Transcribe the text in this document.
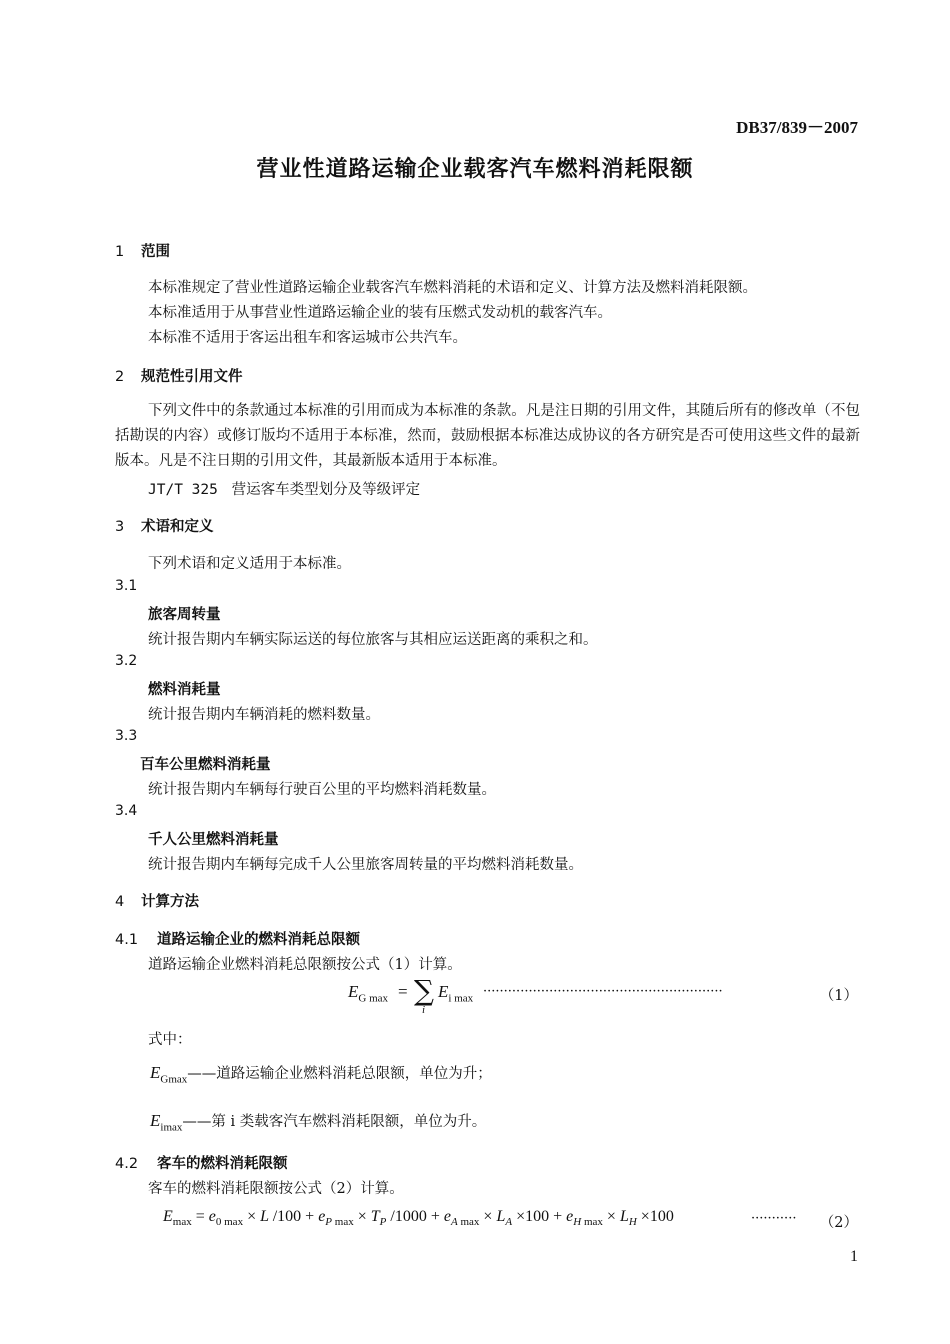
DB37/839－2007
营业性道路运输企业载客汽车燃料消耗限额
1 范围
本标准规定了营业性道路运输企业载客汽车燃料消耗的术语和定义、计算方法及燃料消耗限额。
本标准适用于从事营业性道路运输企业的装有压燃式发动机的载客汽车。
本标准不适用于客运出租车和客运城市公共汽车。
2 规范性引用文件
下列文件中的条款通过本标准的引用而成为本标准的条款。凡是注日期的引用文件，其随后所有的修改单（不包括勘误的内容）或修订版均不适用于本标准，然而，鼓励根据本标准达成协议的各方研究是否可使用这些文件的最新版本。凡是不注日期的引用文件，其最新版本适用于本标准。
JT/T 325 营运客车类型划分及等级评定
3 术语和定义
下列术语和定义适用于本标准。
3.1
旅客周转量
统计报告期内车辆实际运送的每位旅客与其相应运送距离的乘积之和。
3.2
燃料消耗量
统计报告期内车辆消耗的燃料数量。
3.3
百车公里燃料消耗量
统计报告期内车辆每行驶百公里的平均燃料消耗数量。
3.4
千人公里燃料消耗量
统计报告期内车辆每完成千人公里旅客周转量的平均燃料消耗数量。
4 计算方法
4.1 道路运输企业的燃料消耗总限额
道路运输企业燃料消耗总限额按公式（1）计算。
$E_{G max}$ = ∑
i
$E_{i max}$ ··························································	（1）
式中：
$E_{Gmax}——$道路运输企业燃料消耗总限额，单位为升；
$E_{imax}——$第 i 类载客汽车燃料消耗限额，单位为升。
4.2 客车的燃料消耗限额
客车的燃料消耗限额按公式（2）计算。
$E_{max} = e_{0 max} \times L$ $/100 + e_{P max} \times T_P$ $/1000 + e_{A max} \times L_A \times 100 + e_{H max} \times L_H \times 100$	··········· （2）
1
